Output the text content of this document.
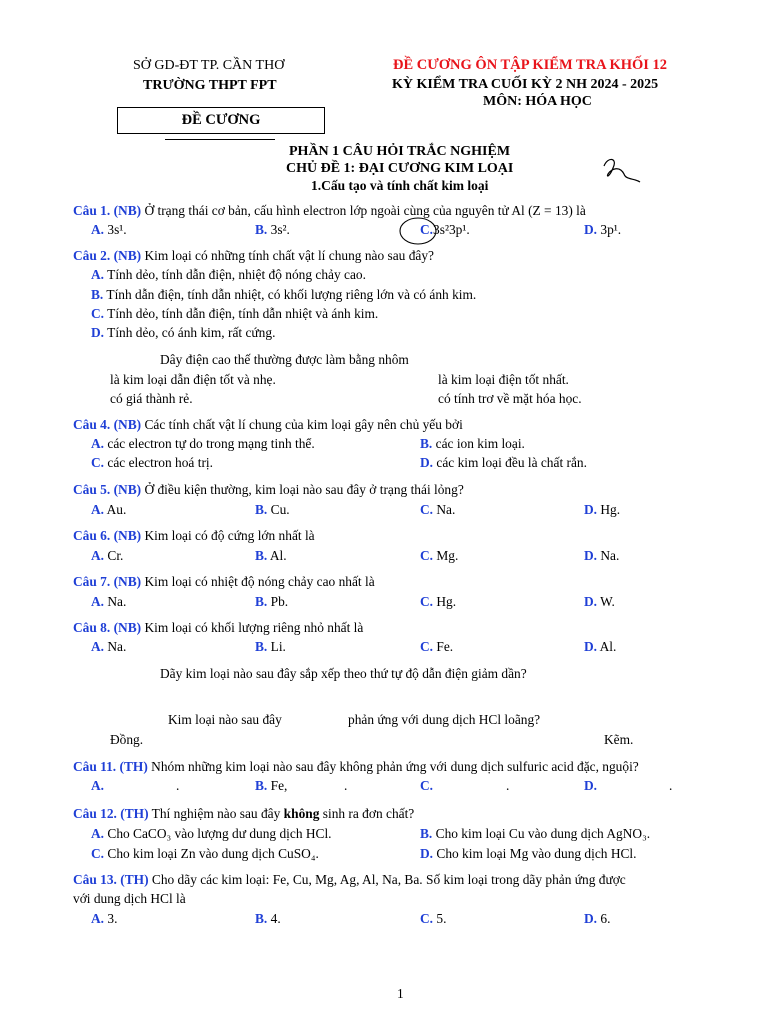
SỞ GD-ĐT TP. CẦN THƠ
TRƯỜNG THPT FPT
ĐỀ CƯƠNG
ĐỀ CƯƠNG ÔN TẬP KIỂM TRA KHỐI 12
KỲ KIỂM TRA CUỐI KỲ 2 NH 2024 - 2025
MÔN: HÓA HỌC
PHẦN 1 CÂU HỎI TRẮC NGHIỆM
CHỦ ĐỀ 1: ĐẠI CƯƠNG KIM LOẠI
1.Cấu tạo và tính chất kim loại
Câu 1. (NB) Ở trạng thái cơ bản, cấu hình electron lớp ngoài cùng của nguyên tử Al (Z = 13) là
A. 3s¹.	B. 3s².	C.3s²3p¹.	D. 3p¹.
Câu 2. (NB) Kim loại có những tính chất vật lí chung nào sau đây?
A. Tính dẻo, tính dẫn điện, nhiệt độ nóng chảy cao.
B. Tính dẫn điện, tính dẫn nhiệt, có khối lượng riêng lớn và có ánh kim.
C. Tính dẻo, tính dẫn điện, tính dẫn nhiệt và ánh kim.
D. Tính dẻo, có ánh kim, rất cứng.
Dây điện cao thế thường được làm bằng nhôm
là kim loại dẫn điện tốt và nhẹ.	là kim loại điện tốt nhất.
có giá thành rẻ.	có tính trơ về mặt hóa học.
Câu 4. (NB) Các tính chất vật lí chung của kim loại gây nên chủ yếu bởi
A. các electron tự do trong mạng tinh thể.	B. các ion kim loại.
C. các electron hoá trị.	D. các kim loại đều là chất rắn.
Câu 5. (NB) Ở điều kiện thường, kim loại nào sau đây ở trạng thái lỏng?
A. Au.	B. Cu.	C. Na.	D. Hg.
Câu 6. (NB) Kim loại có độ cứng lớn nhất là
A. Cr.	B. Al.	C. Mg.	D. Na.
Câu 7. (NB) Kim loại có nhiệt độ nóng chảy cao nhất là
A. Na.	B. Pb.	C. Hg.	D. W.
Câu 8. (NB) Kim loại có khối lượng riêng nhỏ nhất là
A. Na.	B. Li.	C. Fe.	D. Al.
Dãy kim loại nào sau đây sắp xếp theo thứ tự độ dẫn điện giảm dần?
Kim loại nào sau đây	phản ứng với dung dịch HCl loãng?
Đồng.	Kẽm.
Câu 11. (TH) Nhóm những kim loại nào sau đây không phản ứng với dung dịch sulfuric acid đặc, nguội?
A.	.	B. Fe,	.	C.	.	D.	.
Câu 12. (TH) Thí nghiệm nào sau đây không sinh ra đơn chất?
A. Cho CaCO₃ vào lượng dư dung dịch HCl.	B. Cho kim loại Cu vào dung dịch AgNO₃.
C. Cho kim loại Zn vào dung dịch CuSO₄.	D. Cho kim loại Mg vào dung dịch HCl.
Câu 13. (TH) Cho dãy các kim loại: Fe, Cu, Mg, Ag, Al, Na, Ba. Số kim loại trong dãy phản ứng được
với dung dịch HCl là
A. 3.	B. 4.	C. 5.	D. 6.
1
